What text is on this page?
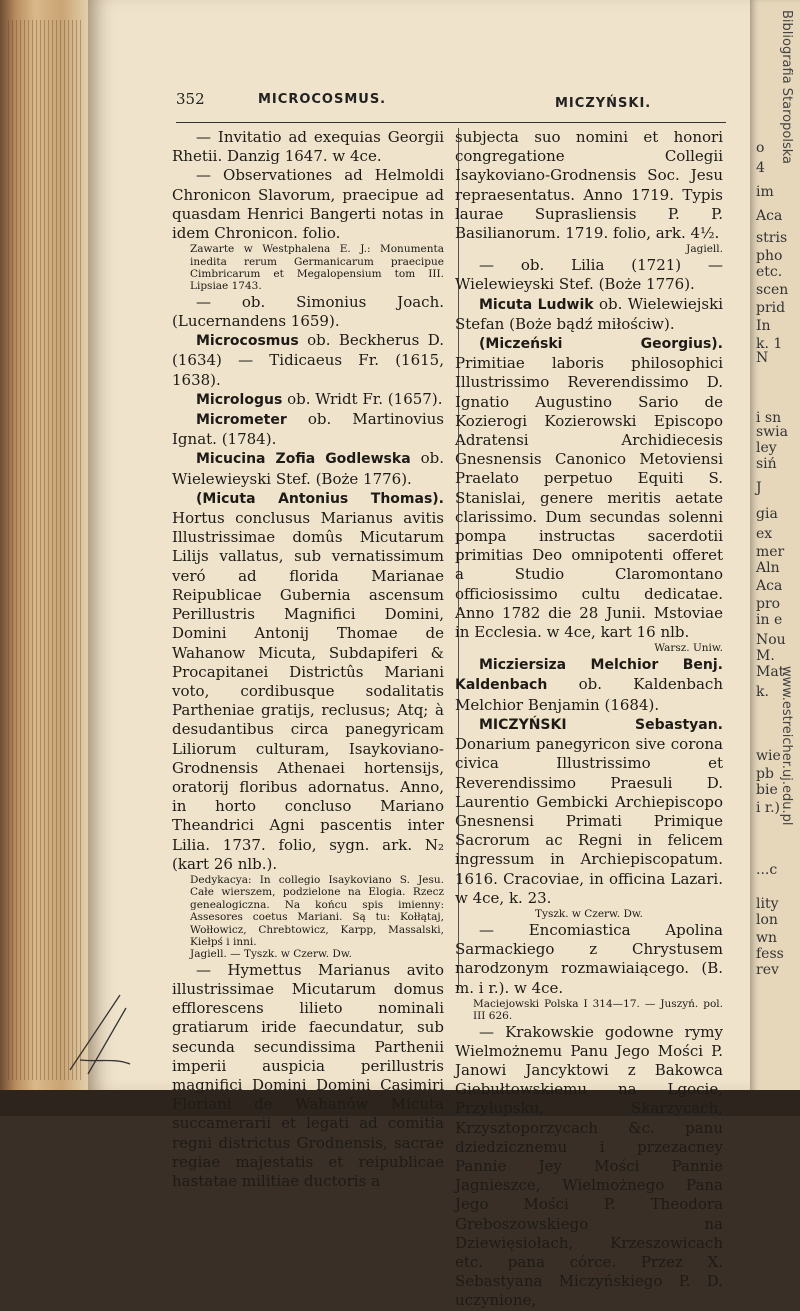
o
4
im
Aca
stris
pho
etc.
scen
prid
In
k. 1
N
i sn
swia
ley
siń
J
gia
ex
mer
Aln
Aca
pro
in e
Nou
M.
Mat
k.
wie
pb
bie
i r.)
...c
lity
lon
wn
fess
rev
352	MICROCOSMUS.	MICZYŃSKI.

— Invitatio ad exequias Georgii Rhetii. Danzig 1647. w 4ce.

— Observationes ad Helmoldi Chronicon Slavorum, praecipue ad quasdam Henrici Bangerti notas in idem Chronicon. folio.

Zawarte w Westphalena E. J.: Monumenta inedita rerum Germanicarum praecipue Cimbricarum et Megalopensium tom III. Lipsiae 1743.

— ob. Simonius Joach. (Lucernandens 1659).

Microcosmus ob. Beckherus D. (1634) — Tidicaeus Fr. (1615, 1638).

Micrologus ob. Wridt Fr. (1657).

Micrometer ob. Martinovius Ignat. (1784).

Micucina Zofia Godlewska ob. Wielewieyski Stef. (Boże 1776).

(Micuta Antonius Thomas). Hortus conclusus Marianus avitis Illustrissimae domûs Micutarum Lilijs vallatus, sub vernatissimum veró ad florida Marianae Reipublicae Gubernia ascensum Perillustris Magnifici Domini, Domini Antonij Thomae de Wahanow Micuta, Subdapiferi & Procapitanei Districtûs Mariani voto, cordibusque sodalitatis Partheniae gratijs, reclusus; Atq; à desudantibus circa panegyricam Liliorum culturam, Isaykoviano-Grodnensis Athenaei hortensijs, oratorij floribus adornatus. Anno, in horto concluso Mariano Theandrici Agni pascentis inter Lilia. 1737. folio, sygn. ark. N₂ (kart 26 nlb.).

Dedykacya: In collegio Isaykoviano S. Jesu. Całe wierszem, podzielone na Elogia. Rzecz genealogiczna. Na końcu spis imienny: Assesores coetus Mariani. Są tu: Kołłątaj, Wołłowicz, Chrebtowicz, Karpp, Massalski, Kiełpś i inni.

Jagiell. — Tyszk. w Czerw. Dw.

— Hymettus Marianus avito illustrissimae Micutarum domus efflorescens lilieto nominali gratiarum iride faecundatur, sub secunda secundissima Parthenii imperii auspicia perillustris magnifici Domini Domini Casimiri Floriani de Wahanów Micuta succamerarii et legati ad comitia regni districtus Grodnensis, sacrae regiae majestatis et reipublicae hastatae militiae ductoris a

subjecta suo nomini et honori congregatione Collegii Isaykoviano-Grodnensis Soc. Jesu repraesentatus. Anno 1719. Typis laurae Suprasliensis P. P. Basilianorum. 1719. folio, ark. 4½.

Jagiell.

— ob. Lilia (1721) — Wielewieyski Stef. (Boże 1776).

Micuta Ludwik ob. Wielewiejski Stefan (Boże bądź miłościw).

(Miczeński Georgius). Primitiae laboris philosophici Illustrissimo Reverendissimo D. Ignatio Augustino Sario de Kozierogi Kozierowski Episcopo Adratensi Archidiecesis Gnesnensis Canonico Metoviensi Praelato perpetuo Equiti S. Stanislai, genere meritis aetate clarissimo. Dum secundas solenni pompa instructas sacerdotii primitias Deo omnipotenti offeret a Studio Claromontano officiosissimo cultu dedicatae. Anno 1782 die 28 Junii. Mstoviae in Ecclesia. w 4ce, kart 16 nlb.

Warsz. Uniw.

Micziersiza Melchior Benj. Kaldenbach ob. Kaldenbach Melchior Benjamin (1684).

MICZYŃSKI Sebastyan. Donarium panegyricon sive corona civica Illustrissimo et Reverendissimo Praesuli D. Laurentio Gembicki Archiepiscopo Gnesnensi Primati Primique Sacrorum ac Regni in felicem ingressum in Archiepiscopatum. 1616. Cracoviae, in officina Lazari. w 4ce, k. 23.

Tyszk. w Czerw. Dw.

— Encomiastica Apolina Sarmackiego z Chrystusem narodzonym rozmawiaiącego. (B. m. i r.). w 4ce.

Maciejowski Polska I 314—17. — Juszyń. pol. III 626.

— Krakowskie godowne rymy Wielmożnemu Panu Jego Mości P. Janowi Jancyktowi z Bakowca Giebułtowskiemu na Lgocie, Przyłupsku, Skarzycach, Krzysztoporzycach &c. panu dziedzicznemu i przezacney Pannie Jey Mości Pannie Jagnieszce, Wielmożnego Pana Jego Mości P. Theodora Greboszowskiego na Dziewięsiołach, Krzeszowicach etc. pana córce. Przez X. Sebastyana Miczyńskiego P. D. uczynione,

Bibliografia Staropolska
www.estreicher.uj.edu.pl
